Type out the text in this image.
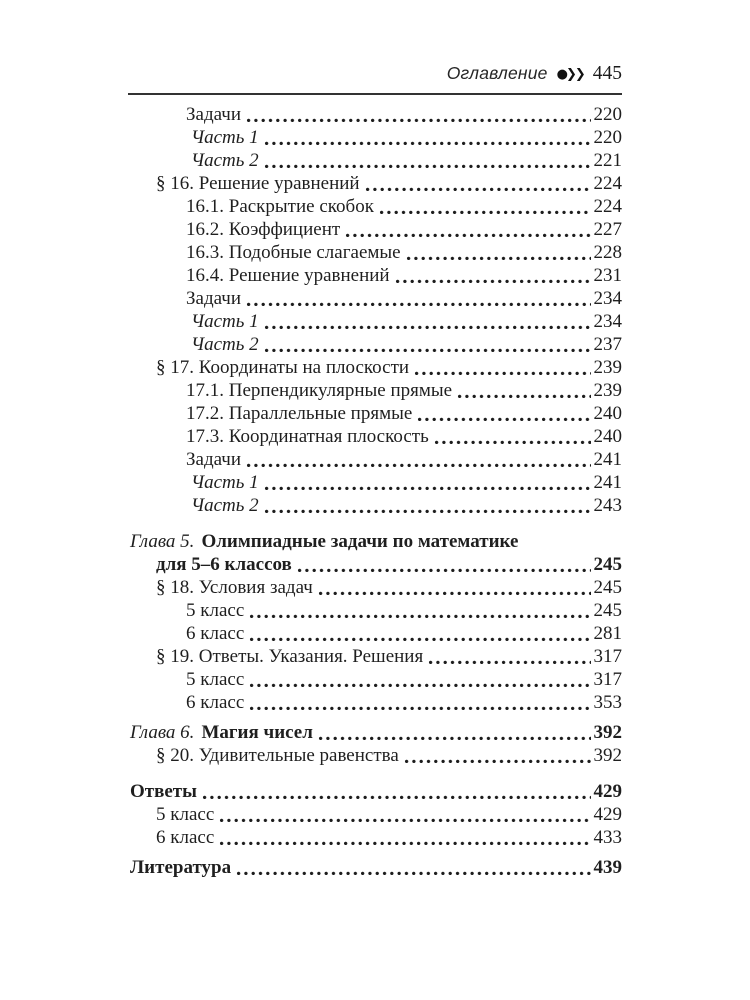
Оглавление ●❯❯ 445
Задачи	220
Часть 1	220
Часть 2	221
§ 16. Решение уравнений	224
16.1. Раскрытие скобок	224
16.2. Коэффициент	227
16.3. Подобные слагаемые	228
16.4. Решение уравнений	231
Задачи	234
Часть 1	234
Часть 2	237
§ 17. Координаты на плоскости	239
17.1. Перпендикулярные прямые	239
17.2. Параллельные прямые	240
17.3. Координатная плоскость	240
Задачи	241
Часть 1	241
Часть 2	243
Глава 5. Олимпиадные задачи по математике
для 5–6 классов	245
§ 18. Условия задач	245
5 класс	245
6 класс	281
§ 19. Ответы. Указания. Решения	317
5 класс	317
6 класс	353
Глава 6. Магия чисел	392
§ 20. Удивительные равенства	392
Ответы	429
5 класс	429
6 класс	433
Литература	439
